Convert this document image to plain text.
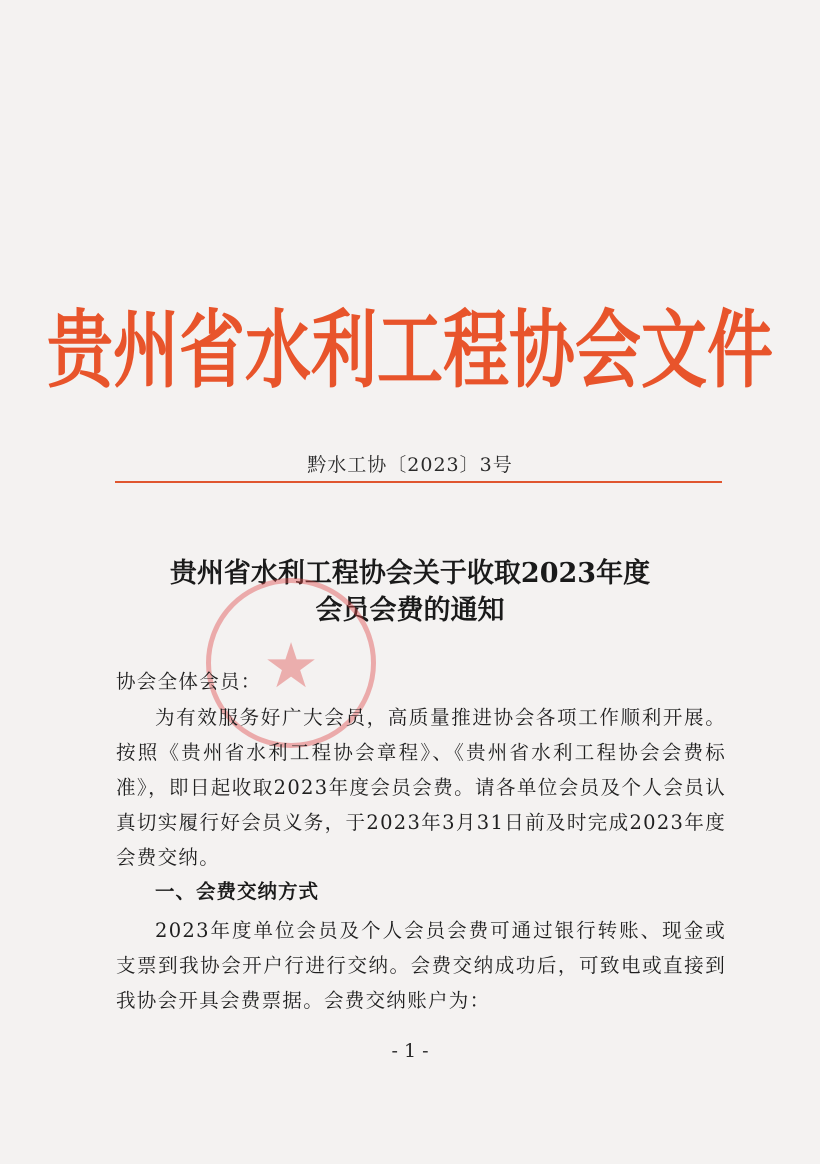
贵州省水利工程协会文件
黔水工协〔2023〕3号
贵州省水利工程协会关于收取2023年度
会员会费的通知
★
协会全体会员：
为有效服务好广大会员，高质量推进协会各项工作顺利开展。按照《贵州省水利工程协会章程》、《贵州省水利工程协会会费标准》，即日起收取2023年度会员会费。请各单位会员及个人会员认真切实履行好会员义务，于2023年3月31日前及时完成2023年度会费交纳。
一、会费交纳方式
2023年度单位会员及个人会员会费可通过银行转账、现金或支票到我协会开户行进行交纳。会费交纳成功后，可致电或直接到我协会开具会费票据。会费交纳账户为：
- 1 -
